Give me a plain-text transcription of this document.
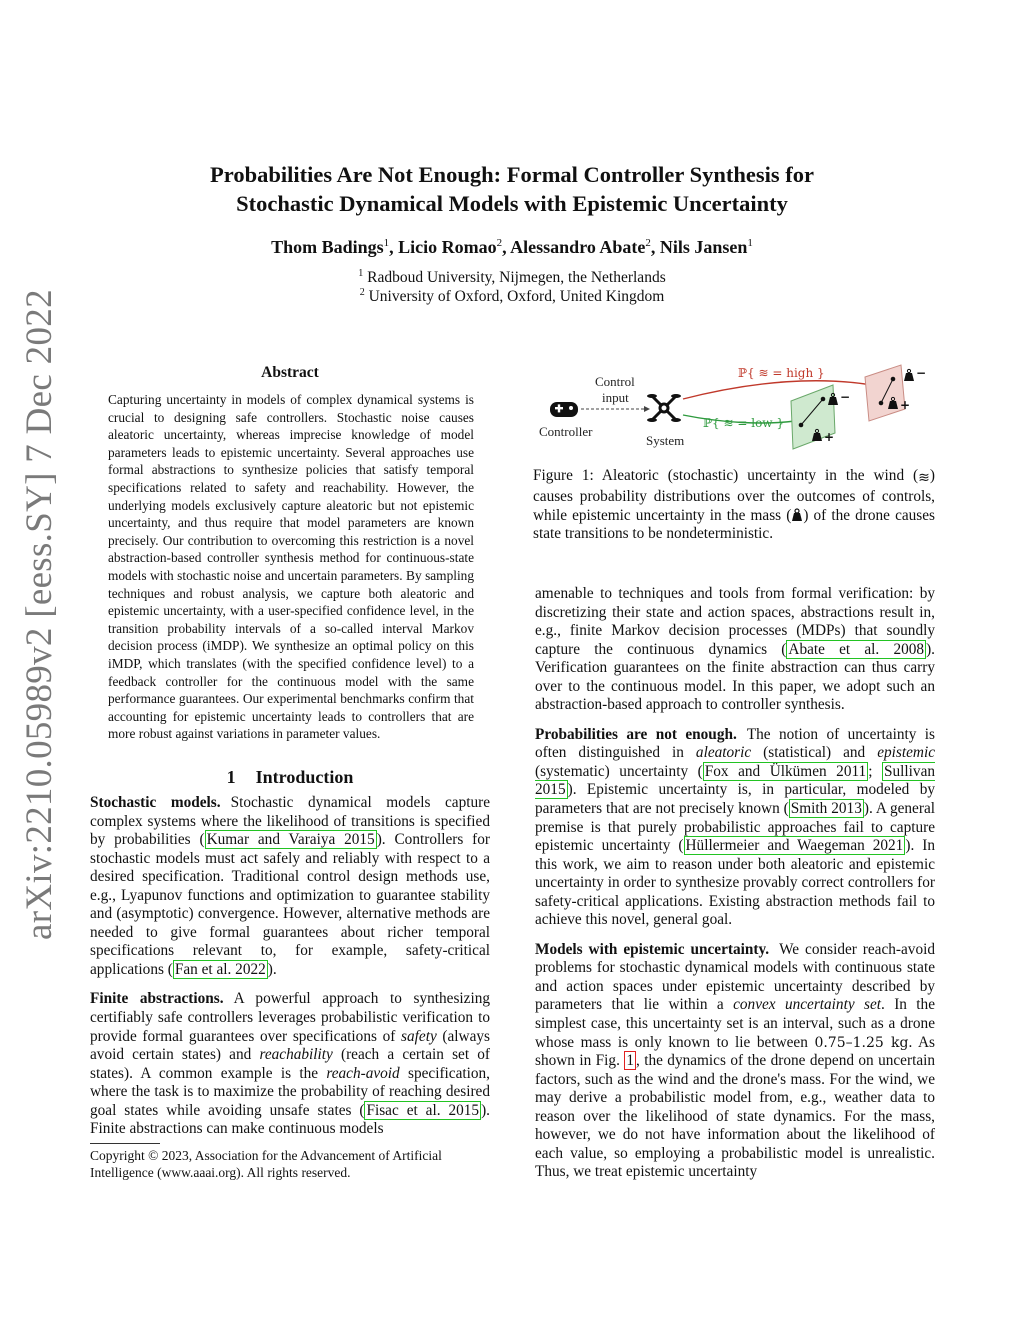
arXiv:2210.05989v2 [eess.SY] 7 Dec 2022
Probabilities Are Not Enough: Formal Controller Synthesis for
Stochastic Dynamical Models with Epistemic Uncertainty
Thom Badings$^1$, Licio Romao$^2$, Alessandro Abate$^2$, Nils Jansen$^1$
$^1$ Radboud University, Nijmegen, the Netherlands
$^2$ University of Oxford, Oxford, United Kingdom
Abstract
Capturing uncertainty in models of complex dynamical systems is crucial to designing safe controllers. Stochastic noise causes aleatoric uncertainty, whereas imprecise knowledge of model parameters leads to epistemic uncertainty. Several approaches use formal abstractions to synthesize policies that satisfy temporal specifications related to safety and reachability. However, the underlying models exclusively capture aleatoric but not epistemic uncertainty, and thus require that model parameters are known precisely. Our contribution to overcoming this restriction is a novel abstraction-based controller synthesis method for continuous-state models with stochastic noise and uncertain parameters. By sampling techniques and robust analysis, we capture both aleatoric and epistemic uncertainty, with a user-specified confidence level, in the transition probability intervals of a so-called interval Markov decision process (iMDP). We synthesize an optimal policy on this iMDP, which translates (with the specified confidence level) to a feedback controller for the continuous model with the same performance guarantees. Our experimental benchmarks confirm that accounting for epistemic uncertainty leads to controllers that are more robust against variations in parameter values.
1 Introduction

Stochastic models. Stochastic dynamical models capture complex systems where the likelihood of transitions is specified by probabilities ( Kumar and Varaiya 2015 ). Controllers for stochastic models must act safely and reliably with respect to a desired specification. Traditional control design methods use, e.g., Lyapunov functions and optimization to guarantee stability and (asymptotic) convergence. However, alternative methods are needed to give formal guarantees about richer temporal specifications relevant to, for example, safety-critical applications ( Fan et al. 2022 ).

Finite abstractions. A powerful approach to synthesizing certifiably safe controllers leverages probabilistic verification to provide formal guarantees over specifications of safety (always avoid certain states) and reachability (reach a certain set of states). A common example is the reach-avoid specification, where the task is to maximize the probability of reaching desired goal states while avoiding unsafe states ( Fisac et al. 2015 ). Finite abstractions can make continuous models

Copyright © 2023, Association for the Advancement of Artificial Intelligence (www.aaai.org). All rights reserved.
Controller
Control
input
System
ℙ{ ≋ = high }
ℙ{ ≋ = low }
−
+
−
+
Figure 1: Aleatoric (stochastic) uncertainty in the wind (≋) causes probability distributions over the outcomes of controls, while epistemic uncertainty in the mass ( ) of the drone causes state transitions to be nondeterministic.

amenable to techniques and tools from formal verification: by discretizing their state and action spaces, abstractions result in, e.g., finite Markov decision processes (MDPs) that soundly capture the continuous dynamics ( Abate et al. 2008 ). Verification guarantees on the finite abstraction can thus carry over to the continuous model. In this paper, we adopt such an abstraction-based approach to controller synthesis.

Probabilities are not enough. The notion of uncertainty is often distinguished in aleatoric (statistical) and epistemic (systematic) uncertainty ( Fox and Ülkümen 2011 ; Sullivan 2015 ). Epistemic uncertainty is, in particular, modeled by parameters that are not precisely known ( Smith 2013 ). A general premise is that purely probabilistic approaches fail to capture epistemic uncertainty ( Hüllermeier and Waegeman 2021 ). In this work, we aim to reason under both aleatoric and epistemic uncertainty in order to synthesize provably correct controllers for safety-critical applications. Existing abstraction methods fail to achieve this novel, general goal.

Models with epistemic uncertainty. We consider reach-avoid problems for stochastic dynamical models with continuous state and action spaces under epistemic uncertainty described by parameters that lie within a convex uncertainty set. In the simplest case, this uncertainty set is an interval, such as a drone whose mass is only known to lie between 0.75–1.25 kg. As shown in Fig. 1 , the dynamics of the drone depend on uncertain factors, such as the wind and the drone's mass. For the wind, we may derive a probabilistic model from, e.g., weather data to reason over the likelihood of state dynamics. For the mass, however, we do not have information about the likelihood of each value, so employing a probabilistic model is unrealistic. Thus, we treat epistemic uncertainty
